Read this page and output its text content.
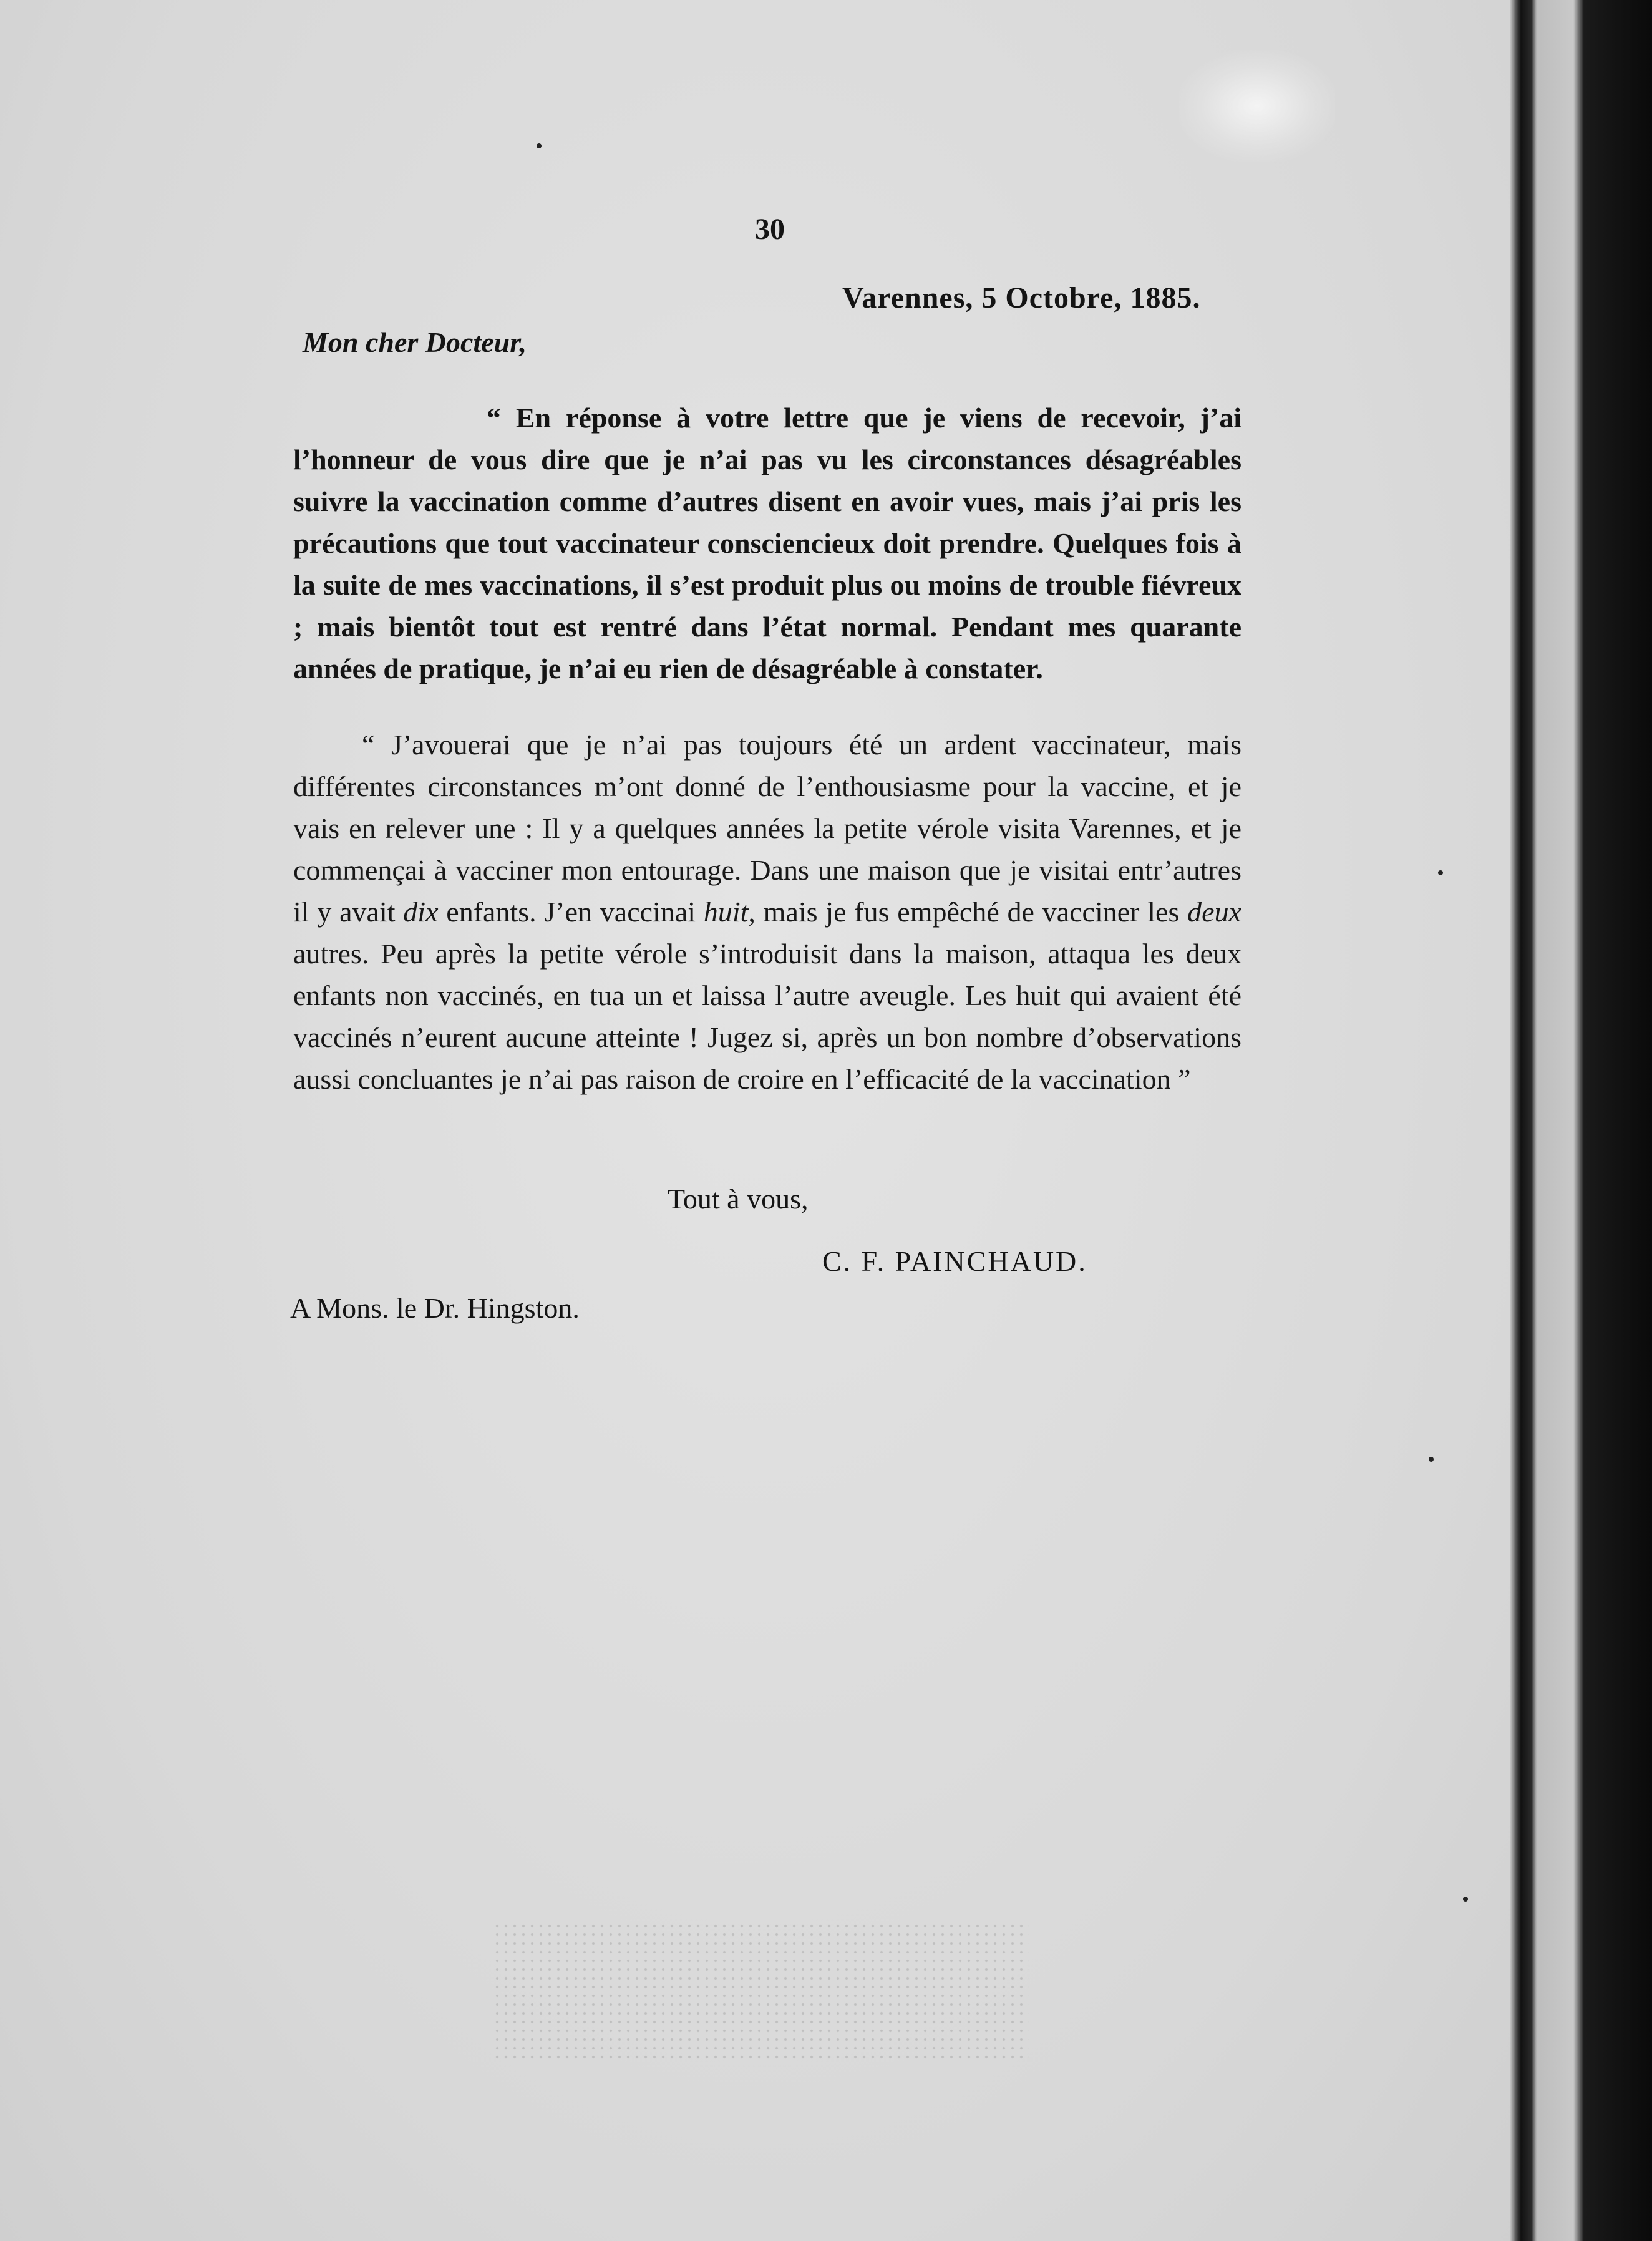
30
Varennes, 5 Octobre, 1885.
Mon cher Docteur,

“ En réponse à votre lettre que je viens de recevoir, j’ai l’honneur de vous dire que je n’ai pas vu les circonstances désagréables suivre la vaccination comme d’autres disent en avoir vues, mais j’ai pris les précautions que tout vaccinateur consciencieux doit prendre. Quelques fois à la suite de mes vaccinations, il s’est produit plus ou moins de trouble fiévreux ; mais bientôt tout est rentré dans l’état normal. Pendant mes quarante années de pratique, je n’ai eu rien de désagréable à constater.

“ J’avouerai que je n’ai pas toujours été un ardent vaccinateur, mais différentes circonstances m’ont donné de l’enthousiasme pour la vaccine, et je vais en relever une : Il y a quelques années la petite vérole visita Varennes, et je commençai à vacciner mon entourage. Dans une maison que je visitai entr’autres il y avait dix enfants. J’en vaccinai huit, mais je fus empêché de vacciner les deux autres. Peu après la petite vérole s’introduisit dans la maison, attaqua les deux enfants non vaccinés, en tua un et laissa l’autre aveugle. Les huit qui avaient été vaccinés n’eurent aucune atteinte ! Jugez si, après un bon nombre d’observations aussi concluantes je n’ai pas raison de croire en l’efficacité de la vaccination ”

Tout à vous,
C. F. PAINCHAUD.
A Mons. le Dr. Hingston.
